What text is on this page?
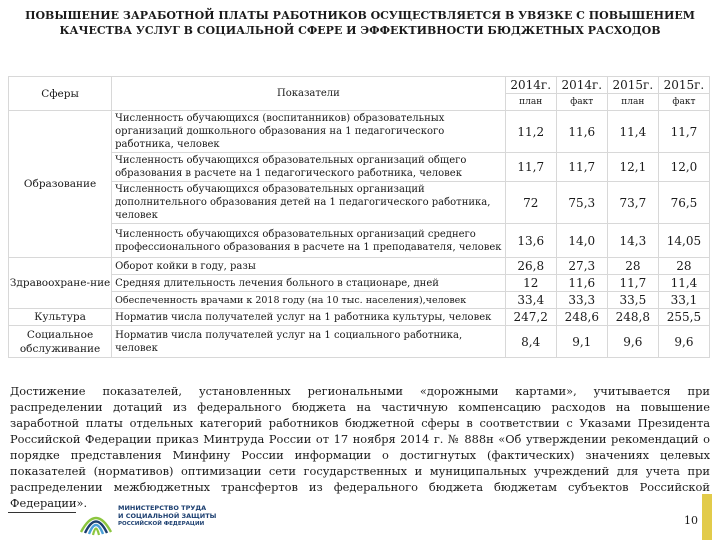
ПОВЫШЕНИЕ ЗАРАБОТНОЙ ПЛАТЫ РАБОТНИКОВ ОСУЩЕСТВЛЯЕТСЯ В УВЯЗКЕ С ПОВЫШЕНИЕМ КАЧЕСТВА УСЛУГ В СОЦИАЛЬНОЙ СФЕРЕ И ЭФФЕКТИВНОСТИ БЮДЖЕТНЫХ РАСХОДОВ
Сферы	Показатели	2014г.	2014г.	2015г.	2015г.
		план	факт	план	факт
Образование	Численность обучающихся (воспитанников) образовательных организаций дошкольного образования на 1 педагогического работника, человек	11,2	11,6	11,4	11,7
	Численность обучающихся образовательных организаций общего образования в расчете на 1 педагогического работника, человек	11,7	11,7	12,1	12,0
	Численность обучающихся образовательных организаций дополнительного образования детей на 1 педагогического работника, человек	72	75,3	73,7	76,5
	Численность обучающихся образовательных организаций среднего профессионального образования в расчете на 1 преподавателя, человек	13,6	14,0	14,3	14,05
Здравоохране-ние	Оборот койки в году, разы	26,8	27,3	28	28
	Средняя длительность лечения больного в стационаре, дней	12	11,6	11,7	11,4
	Обеспеченность врачами к 2018 году (на 10 тыс. населения),человек	33,4	33,3	33,5	33,1
Культура	Норматив числа получателей услуг на 1 работника культуры, человек	247,2	248,6	248,8	255,5
Социальное обслуживание	Норматив числа получателей услуг на 1 социального работника, человек	8,4	9,1	9,6	9,6
Достижение показателей, установленных региональными «дорожными картами», учитывается при распределении дотаций из федерального бюджета на частичную компенсацию расходов на повышение заработной платы отдельных категорий работников бюджетной сферы в соответствии с Указами Президента Российской Федерации приказ Минтруда России от 17 ноября 2014 г. № 888н «Об утверждении рекомендаций о порядке представления Минфину России информации о достигнутых (фактических) значениях целевых показателей (нормативов) оптимизации сети государственных и муниципальных учреждений для учета при распределении межбюджетных трансфертов из федерального бюджета бюджетам субъектов Российской Федерации».	МИНИСТЕРСТВО ТРУДА
И СОЦИАЛЬНОЙ ЗАЩИТЫ
РОССИЙСКОЙ ФЕДЕРАЦИИ	10
